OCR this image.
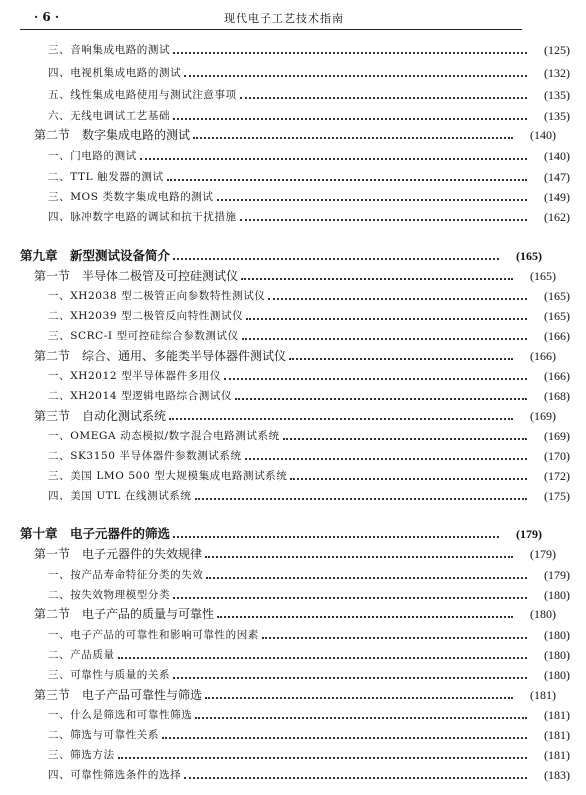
· 6 ·	现代电子工艺技术指南
三、音响集成电路的测试	(125)
四、电视机集成电路的测试	(132)
五、线性集成电路使用与测试注意事项	(135)
六、无线电调试工艺基础	(135)
第二节　数字集成电路的测试	(140)
一、门电路的测试	(140)
二、TTL 触发器的测试	(147)
三、MOS 类数字集成电路的测试	(149)
四、脉冲数字电路的调试和抗干扰措施	(162)
第九章　新型测试设备简介	(165)
第一节　半导体二极管及可控硅测试仪	(165)
一、XH2038 型二极管正向参数特性测试仪	(165)
二、XH2039 型二极管反向特性测试仪	(165)
三、SCRC-I 型可控硅综合参数测试仪	(166)
第二节　综合、通用、多能类半导体器件测试仪	(166)
一、XH2012 型半导体器件多用仪	(166)
二、XH2014 型逻辑电路综合测试仪	(168)
第三节　自动化测试系统	(169)
一、OMEGA 动态模拟/数字混合电路测试系统	(169)
二、SK3150 半导体器件参数测试系统	(170)
三、美国 LMO 500 型大规模集成电路测试系统	(172)
四、美国 UTL 在线测试系统	(175)
第十章　电子元器件的筛选	(179)
第一节　电子元器件的失效规律	(179)
一、按产品寿命特征分类的失效	(179)
二、按失效物理模型分类	(180)
第二节　电子产品的质量与可靠性	(180)
一、电子产品的可靠性和影响可靠性的因素	(180)
二、产品质量	(180)
三、可靠性与质量的关系	(180)
第三节　电子产品可靠性与筛选	(181)
一、什么是筛选和可靠性筛选	(181)
二、筛选与可靠性关系	(181)
三、筛选方法	(181)
四、可靠性筛选条件的选择	(183)
